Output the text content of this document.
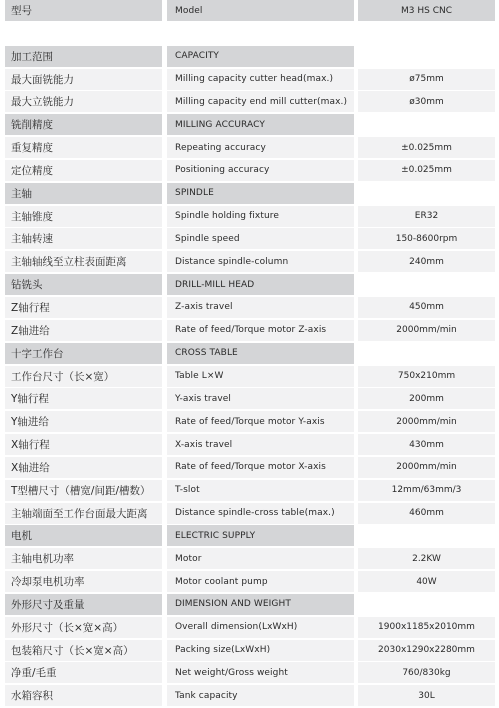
型号	Model	M3 HS CNC
加工范围	CAPACITY
最大面铣能力	Milling capacity cutter head(max.)	ø75mm
最大立铣能力	Milling capacity end mill cutter(max.)	ø30mm
铣削精度	MILLING ACCURACY
重复精度	Repeating accuracy	±0.025mm
定位精度	Positioning accuracy	±0.025mm
主轴	SPINDLE
主轴锥度	Spindle holding fixture	ER32
主轴转速	Spindle speed	150-8600rpm
主轴轴线至立柱表面距离	Distance spindle-column	240mm
钻铣头	DRILL-MILL HEAD
Z轴行程	Z-axis travel	450mm
Z轴进给	Rate of feed/Torque motor Z-axis	2000mm/min
十字工作台	CROSS TABLE
工作台尺寸（长×宽）	Table L×W	750x210mm
Y轴行程	Y-axis travel	200mm
Y轴进给	Rate of feed/Torque motor Y-axis	2000mm/min
X轴行程	X-axis travel	430mm
X轴进给	Rate of feed/Torque motor X-axis	2000mm/min
T型槽尺寸（槽宽/间距/槽数）	T-slot	12mm/63mm/3
主轴端面至工作台面最大距离	Distance spindle-cross table(max.)	460mm
电机	ELECTRIC SUPPLY
主轴电机功率	Motor	2.2KW
冷却泵电机功率	Motor coolant pump	40W
外形尺寸及重量	DIMENSION AND WEIGHT
外形尺寸（长×宽×高）	Overall dimension(LxWxH)	1900x1185x2010mm
包装箱尺寸（长×宽×高）	Packing size(LxWxH)	2030x1290x2280mm
净重/毛重	Net weight/Gross weight	760/830kg
水箱容积	Tank capacity	30L
